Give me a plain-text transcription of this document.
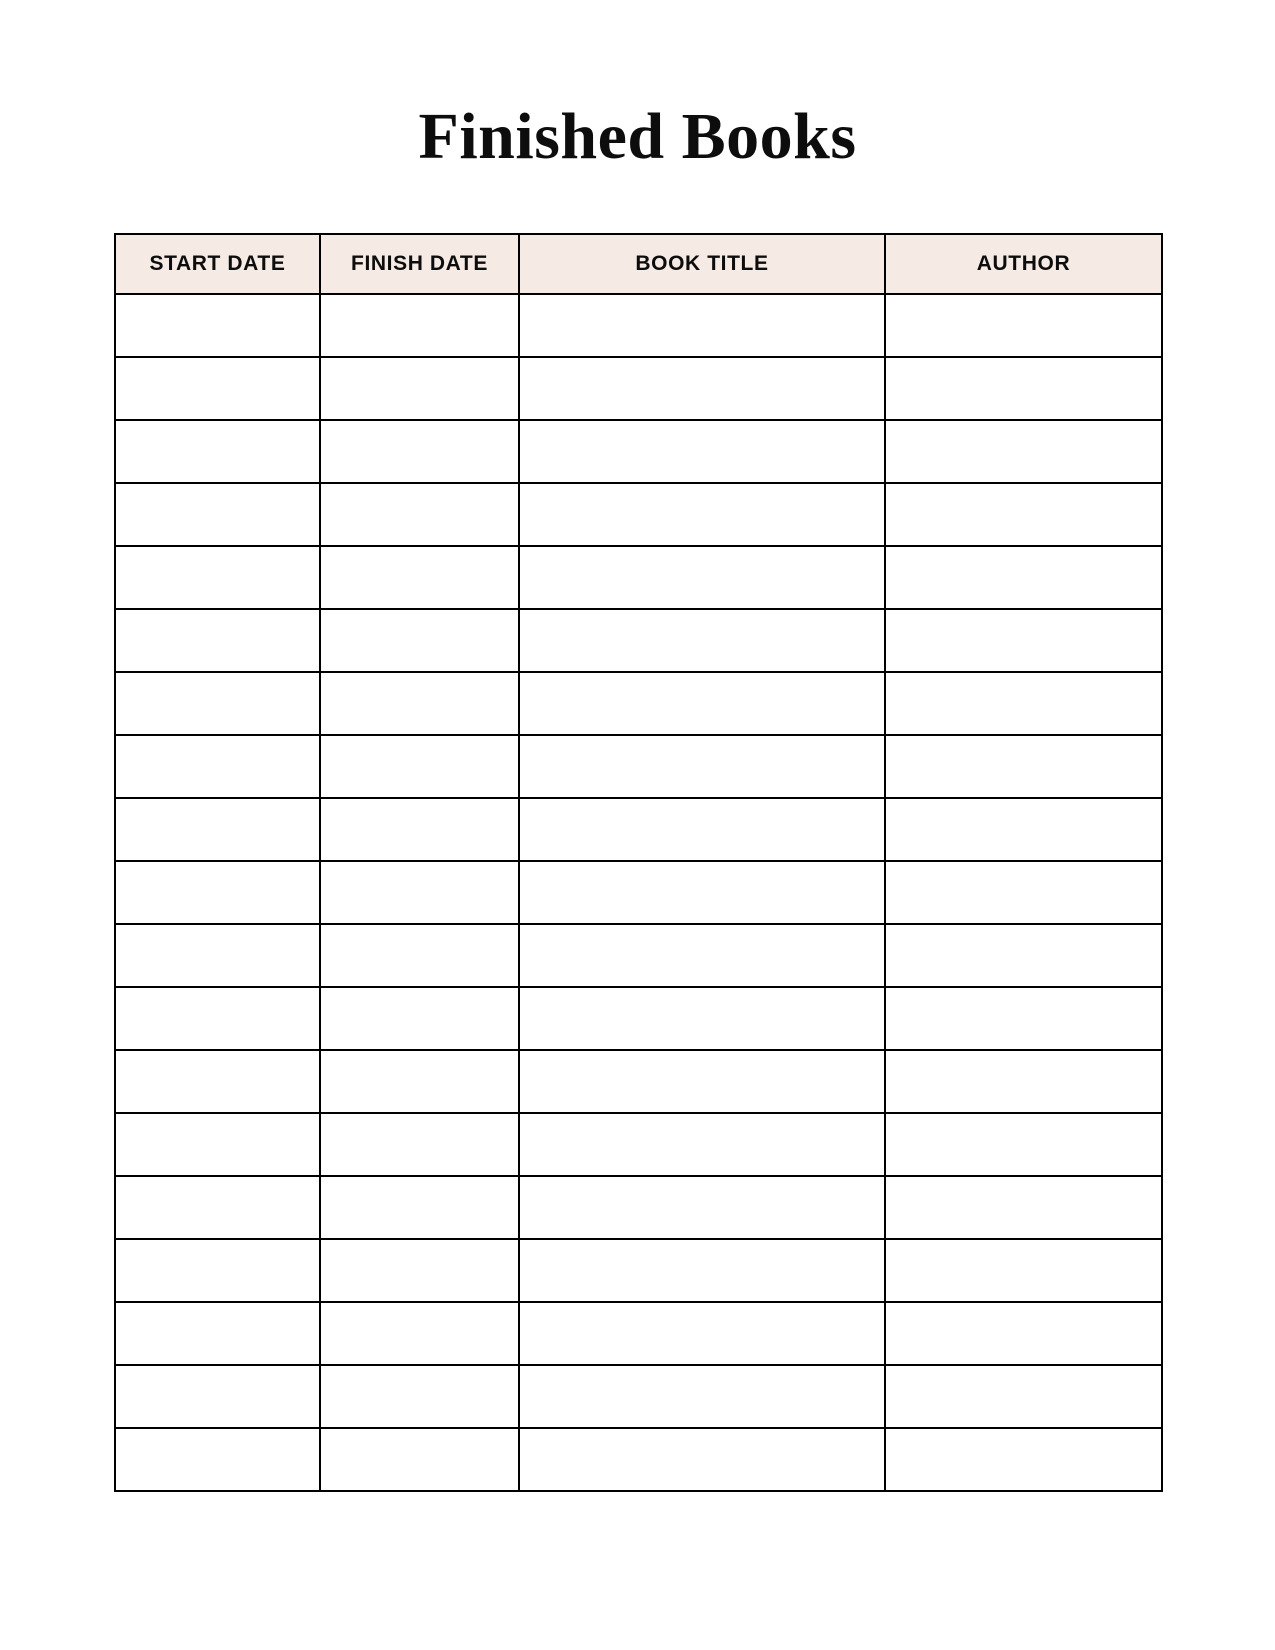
Finished Books
START DATE	FINISH DATE	BOOK TITLE	AUTHOR
